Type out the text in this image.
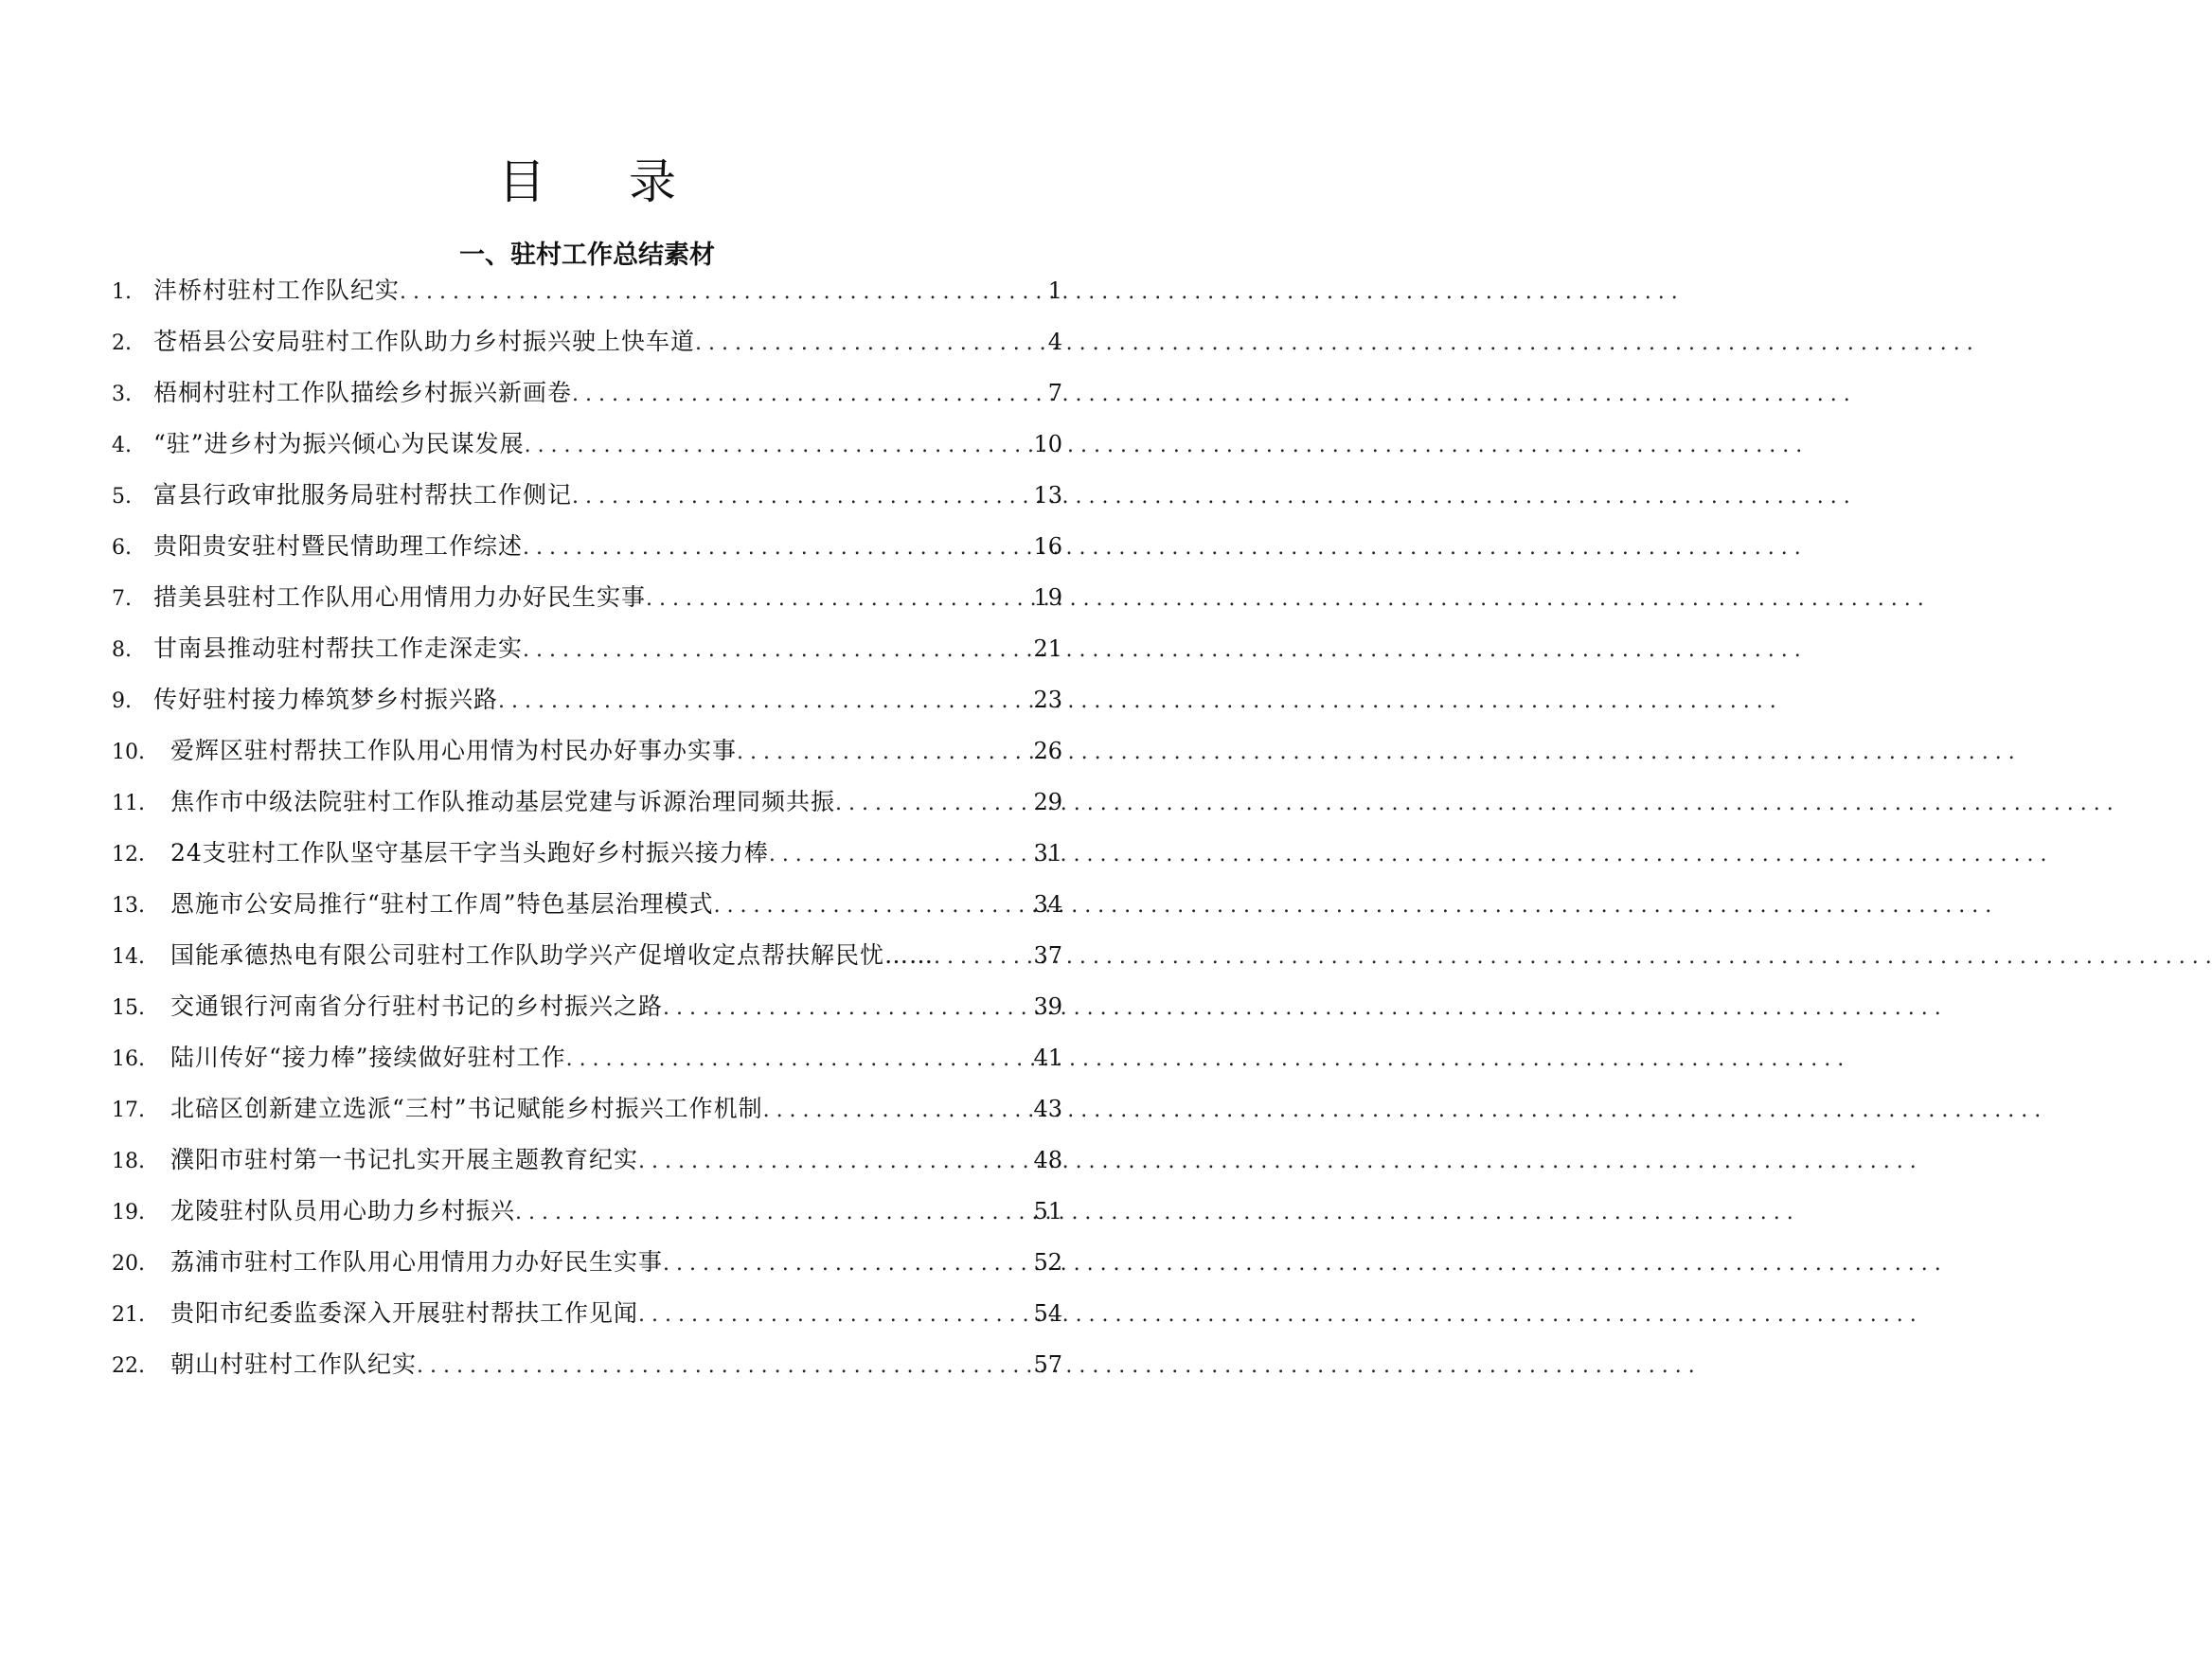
目 录
一、驻村工作总结素材
1. 沣桥村驻村工作队纪实 . . .	1
2. 苍梧县公安局驻村工作队助力乡村振兴驶上快车道 . . .	4
3. 梧桐村驻村工作队描绘乡村振兴新画卷 . . .	7
4. “驻”进乡村为振兴倾心为民谋发展 . . .	10
5. 富县行政审批服务局驻村帮扶工作侧记 . . .	13
6. 贵阳贵安驻村暨民情助理工作综述 . . .	16
7. 措美县驻村工作队用心用情用力办好民生实事 . . .	19
8. 甘南县推动驻村帮扶工作走深走实 . . .	21
9. 传好驻村接力棒筑梦乡村振兴路 . . .	23
10.	爱辉区驻村帮扶工作队用心用情为村民办好事办实事 . . .	26
11.	焦作市中级法院驻村工作队推动基层党建与诉源治理同频共振 . . .	29
12． 24支驻村工作队坚守基层干字当头跑好乡村振兴接力棒 . . .	31
13.	恩施市公安局推行“驻村工作周”特色基层治理模式 . . .	34
14.	国能承德热电有限公司驻村工作队助学兴产促增收定点帮扶解民忧…… . . .	37
15.	交通银行河南省分行驻村书记的乡村振兴之路 . . .	39
16.	陆川传好“接力棒”接续做好驻村工作 . . .	41
17.	北碚区创新建立选派“三村”书记赋能乡村振兴工作机制 . . .	43
18.	濮阳市驻村第一书记扎实开展主题教育纪实 . . .	48
19.	龙陵驻村队员用心助力乡村振兴 . . .	51
20.	荔浦市驻村工作队用心用情用力办好民生实事 . . .	52
21.	贵阳市纪委监委深入开展驻村帮扶工作见闻 . . .	54
22.	朝山村驻村工作队纪实 . . .	57
